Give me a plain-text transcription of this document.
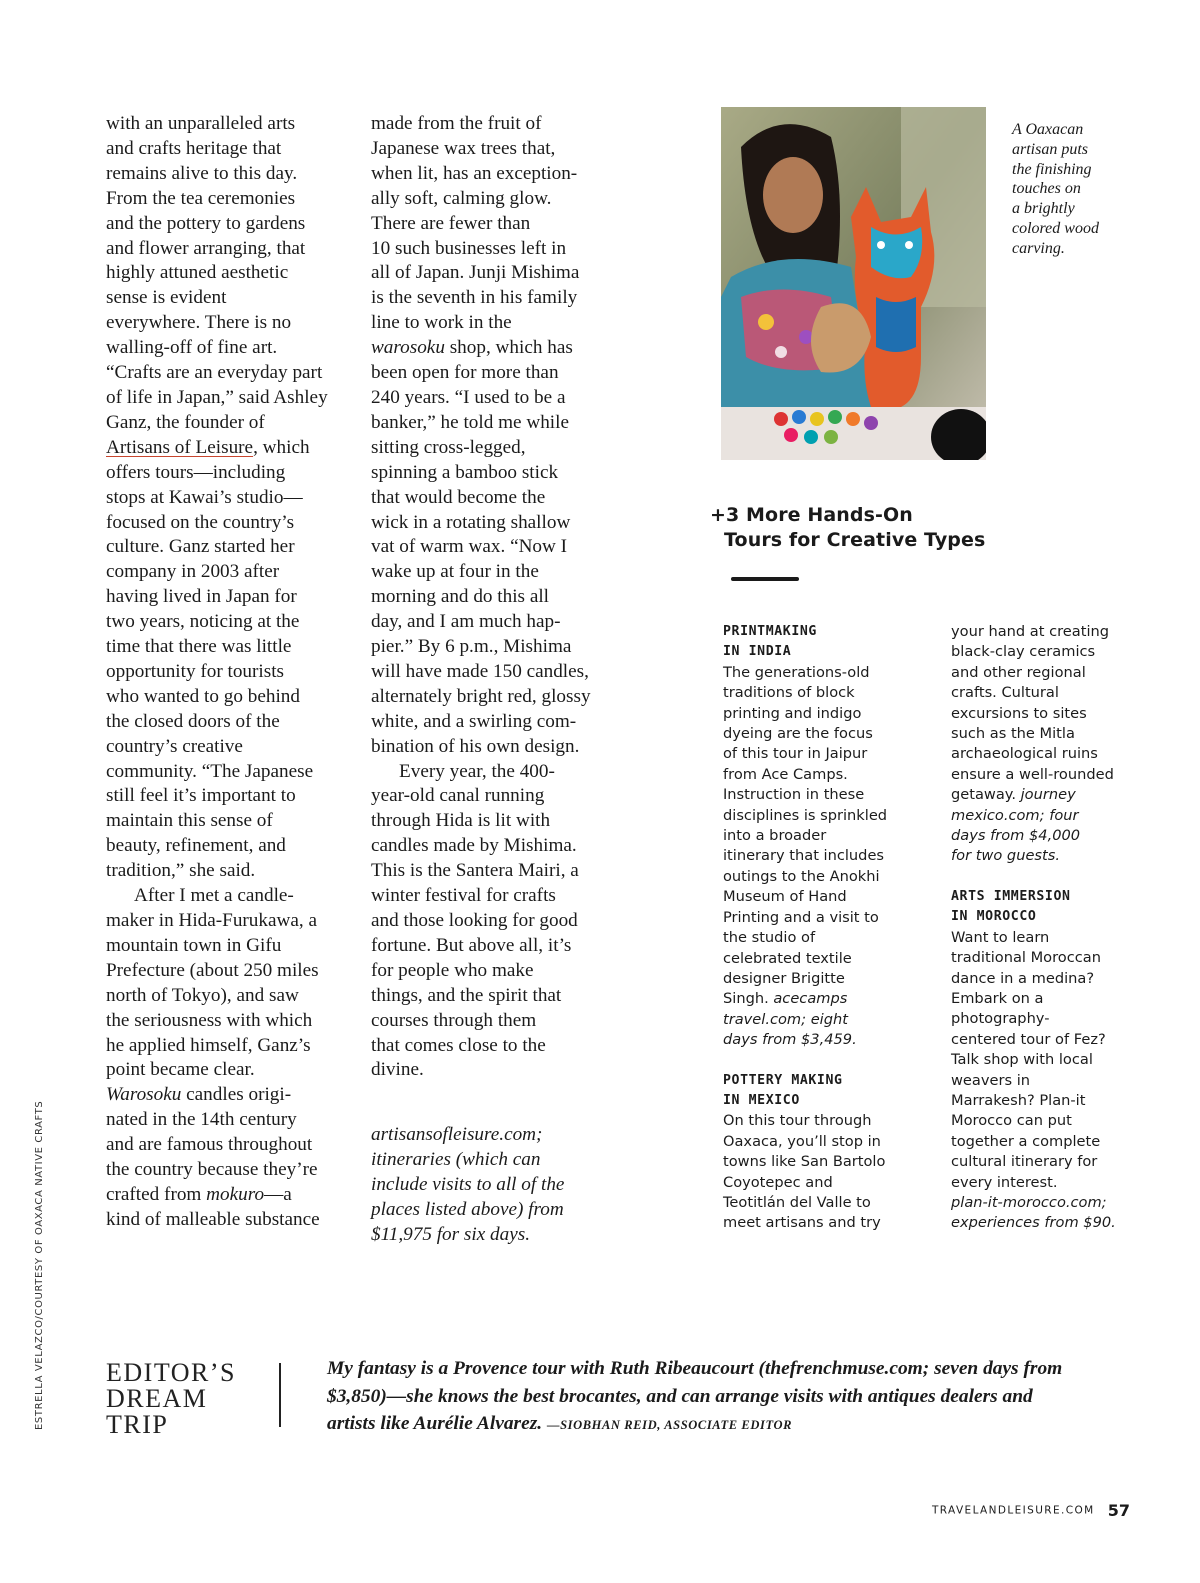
with an unparalleled arts
and crafts heritage that
remains alive to this day.
From the tea ceremonies
and the pottery to gardens
and flower arranging, that
highly attuned aesthetic
sense is evident
everywhere. There is no
walling-off of fine art.
“Crafts are an everyday part
of life in Japan,” said Ashley
Ganz, the founder of
Artisans of Leisure, which
offers tours—including
stops at Kawai’s studio—
focused on the country’s
culture. Ganz started her
company in 2003 after
having lived in Japan for
two years, noticing at the
time that there was little
opportunity for tourists
who wanted to go behind
the closed doors of the
country’s creative
community. “The Japanese
still feel it’s important to
maintain this sense of
beauty, refinement, and
tradition,” she said.

After I met a candle-
maker in Hida-Furukawa, a
mountain town in Gifu
Prefecture (about 250 miles
north of Tokyo), and saw
the seriousness with which
he applied himself, Ganz’s
point became clear.
Warosoku candles origi-
nated in the 14th century
and are famous throughout
the country because they’re
crafted from mokuro—a
kind of malleable substance

made from the fruit of
Japanese wax trees that,
when lit, has an exception-
ally soft, calming glow.
There are fewer than
10 such businesses left in
all of Japan. Junji Mishima
is the seventh in his family
line to work in the
warosoku shop, which has
been open for more than
240 years. “I used to be a
banker,” he told me while
sitting cross-legged,
spinning a bamboo stick
that would become the
wick in a rotating shallow
vat of warm wax. “Now I
wake up at four in the
morning and do this all
day, and I am much hap-
pier.” By 6 p.m., Mishima
will have made 150 candles,
alternately bright red, glossy
white, and a swirling com-
bination of his own design.

Every year, the 400-
year-old canal running
through Hida is lit with
candles made by Mishima.
This is the Santera Mairi, a
winter festival for crafts
and those looking for good
fortune. But above all, it’s
for people who make
things, and the spirit that
courses through them
that comes close to the
divine.

artisansofleisure.com;
itineraries (which can
include visits to all of the
places listed above) from
$11,975 for six days.

A Oaxacan
artisan puts
the finishing
touches on
a brightly
colored wood
carving.
+3 More Hands-On
Tours for Creative Types

PRINTMAKING
IN INDIA

The generations-old
traditions of block
printing and indigo
dyeing are the focus
of this tour in Jaipur
from Ace Camps.
Instruction in these
disciplines is sprinkled
into a broader
itinerary that includes
outings to the Anokhi
Museum of Hand
Printing and a visit to
the studio of
celebrated textile
designer Brigitte
Singh. acecamps
travel.com; eight
days from $3,459.

POTTERY MAKING
IN MEXICO

On this tour through
Oaxaca, you’ll stop in
towns like San Bartolo
Coyotepec and
Teotitlán del Valle to
meet artisans and try

your hand at creating
black-clay ceramics
and other regional
crafts. Cultural
excursions to sites
such as the Mitla
archaeological ruins
ensure a well-rounded
getaway. journey
mexico.com; four
days from $4,000
for two guests.

ARTS IMMERSION
IN MOROCCO

Want to learn
traditional Moroccan
dance in a medina?
Embark on a
photography-
centered tour of Fez?
Talk shop with local
weavers in
Marrakesh? Plan-it
Morocco can put
together a complete
cultural itinerary for
every interest.
plan-it-morocco.com;
experiences from $90.

ESTRELLA VELAZCO/COURTESY OF OAXACA NATIVE CRAFTS EDITOR’S
DREAM
TRIP
My fantasy is a Provence tour with Ruth Ribeaucourt (thefrenchmuse.com; seven days from $3,850)—she knows the best brocantes, and can arrange visits with antiques dealers and artists like Aurélie Alvarez. —SIOBHAN REID, ASSOCIATE EDITOR
TRAVELANDLEISURE.COM 57
